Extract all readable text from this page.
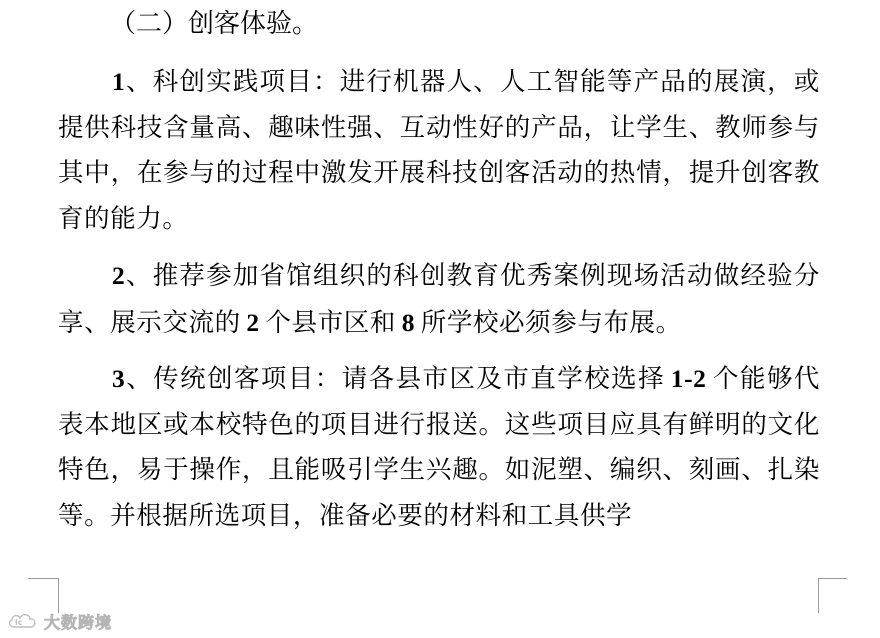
（二）创客体验。

1、科创实践项目：进行机器人、人工智能等产品的展演，或提供科技含量高、趣味性强、互动性好的产品，让学生、教师参与其中，在参与的过程中激发开展科技创客活动的热情，提升创客教育的能力。

2、推荐参加省馆组织的科创教育优秀案例现场活动做经验分享、展示交流的  2  个县市区和  8  所学校必须参与布展。

3、传统创客项目：请各县市区及市直学校选择  1-2  个能够代表本地区或本校特色的项目进行报送。这些项目应具有鲜明的文化特色，易于操作，且能吸引学生兴趣。如泥塑、编织、刻画、扎染等。并根据所选项目，准备必要的材料和工具供学

lc 大数跨境
